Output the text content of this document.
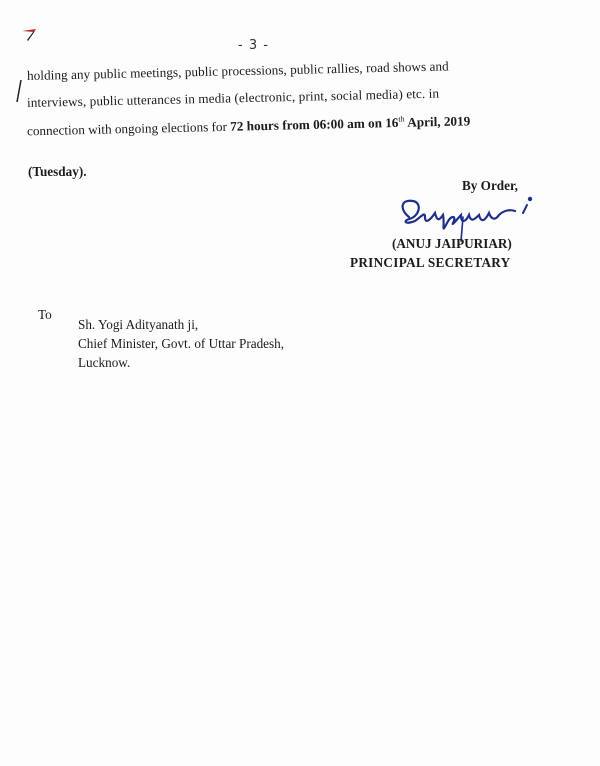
- 3 -
holding any public meetings, public processions, public rallies, road shows and
interviews, public utterances in media (electronic, print, social media) etc. in
connection with ongoing elections for 72 hours from 06:00 am on 16th April, 2019
(Tuesday).
By Order,
(ANUJ JAIPURIAR)
PRINCIPAL SECRETARY
To
Sh. Yogi Adityanath ji,
Chief Minister, Govt. of Uttar Pradesh,
Lucknow.
